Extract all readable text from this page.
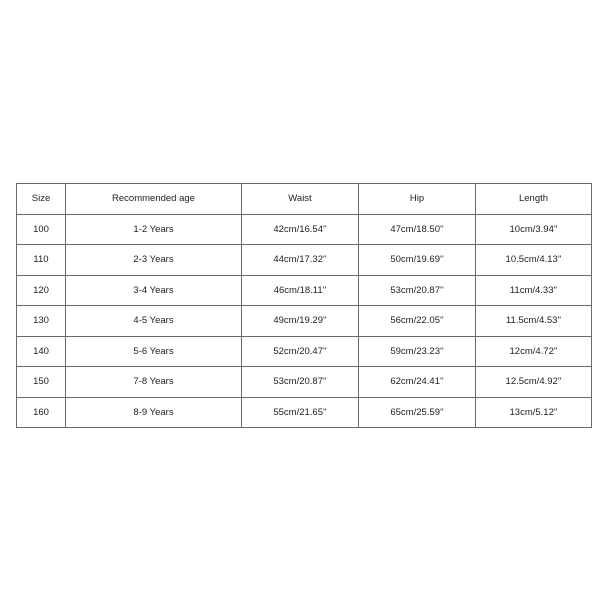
Size	Recommended age	Waist	Hip	Length
100	1-2 Years	42cm/16.54''	47cm/18.50''	10cm/3.94''
110	2-3 Years	44cm/17.32''	50cm/19.69''	10.5cm/4.13''
120	3-4 Years	46cm/18.11''	53cm/20.87''	11cm/4.33''
130	4-5 Years	49cm/19.29''	56cm/22.05''	11.5cm/4.53''
140	5-6 Years	52cm/20.47''	59cm/23.23''	12cm/4.72''
150	7-8 Years	53cm/20.87''	62cm/24.41''	12.5cm/4.92''
160	8-9 Years	55cm/21.65''	65cm/25.59''	13cm/5.12''
